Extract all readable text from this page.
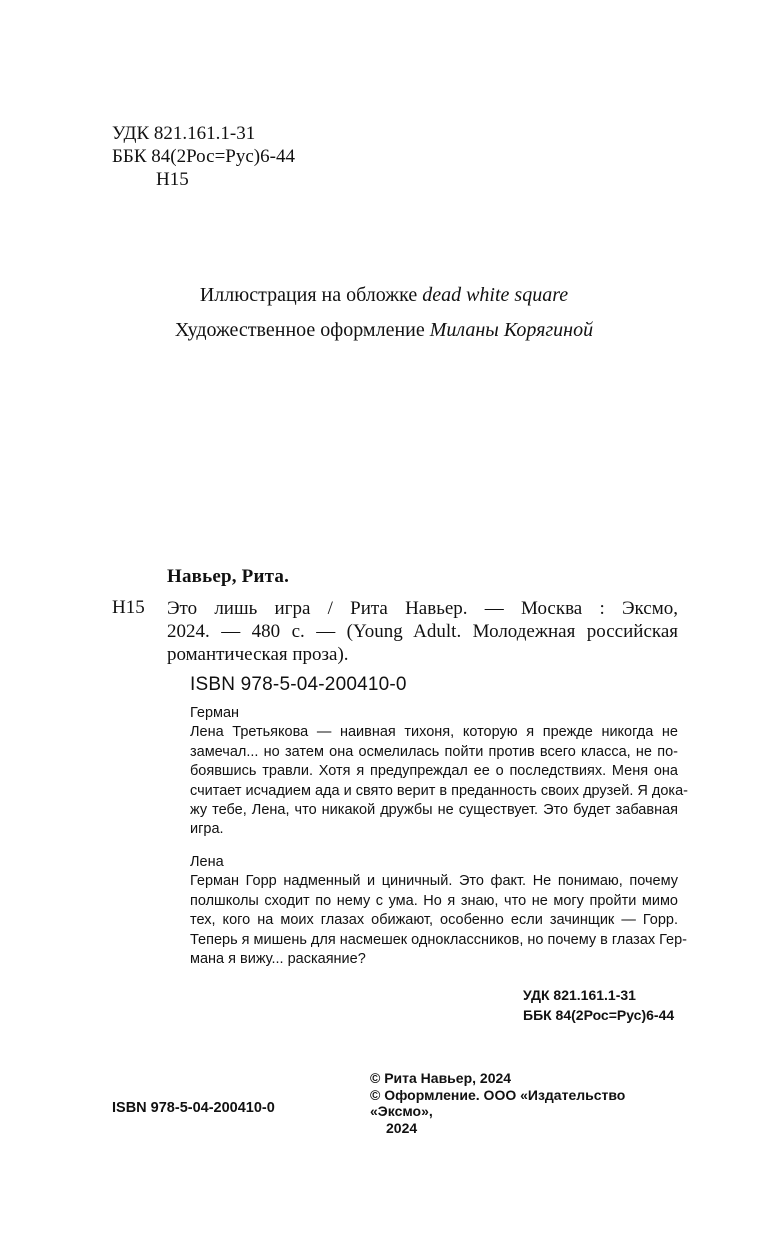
УДК 821.161.1-31
ББК 84(2Рос=Рус)6-44
Н15
Иллюстрация на обложке dead white square
Художественное оформление Миланы Корягиной
Навьер, Рита.
Н15 Это лишь игра / Рита Навьер. — Москва : Эксмо,
2024. — 480 с. — (Young Adult. Молодежная российская
романтическая проза).
ISBN 978-5-04-200410-0
Герман
Лена Третьякова — наивная тихоня, которую я прежде никогда не
замечал... но затем она осмелилась пойти против всего класса, не по-
боявшись травли. Хотя я предупреждал ее о последствиях. Меня она
считает исчадием ада и свято верит в преданность своих друзей. Я дока-
жу тебе, Лена, что никакой дружбы не существует. Это будет забавная
игра.
Лена
Герман Горр надменный и циничный. Это факт. Не понимаю, почему
полшколы сходит по нему с ума. Но я знаю, что не могу пройти мимо
тех, кого на моих глазах обижают, особенно если зачинщик — Горр.
Теперь я мишень для насмешек одноклассников, но почему в глазах Гер-
мана я вижу... раскаяние?
УДК 821.161.1-31
ББК 84(2Рос=Рус)6-44
© Рита Навьер, 2024
© Оформление. ООО «Издательство «Эксмо»,
2024
ISBN 978-5-04-200410-0
